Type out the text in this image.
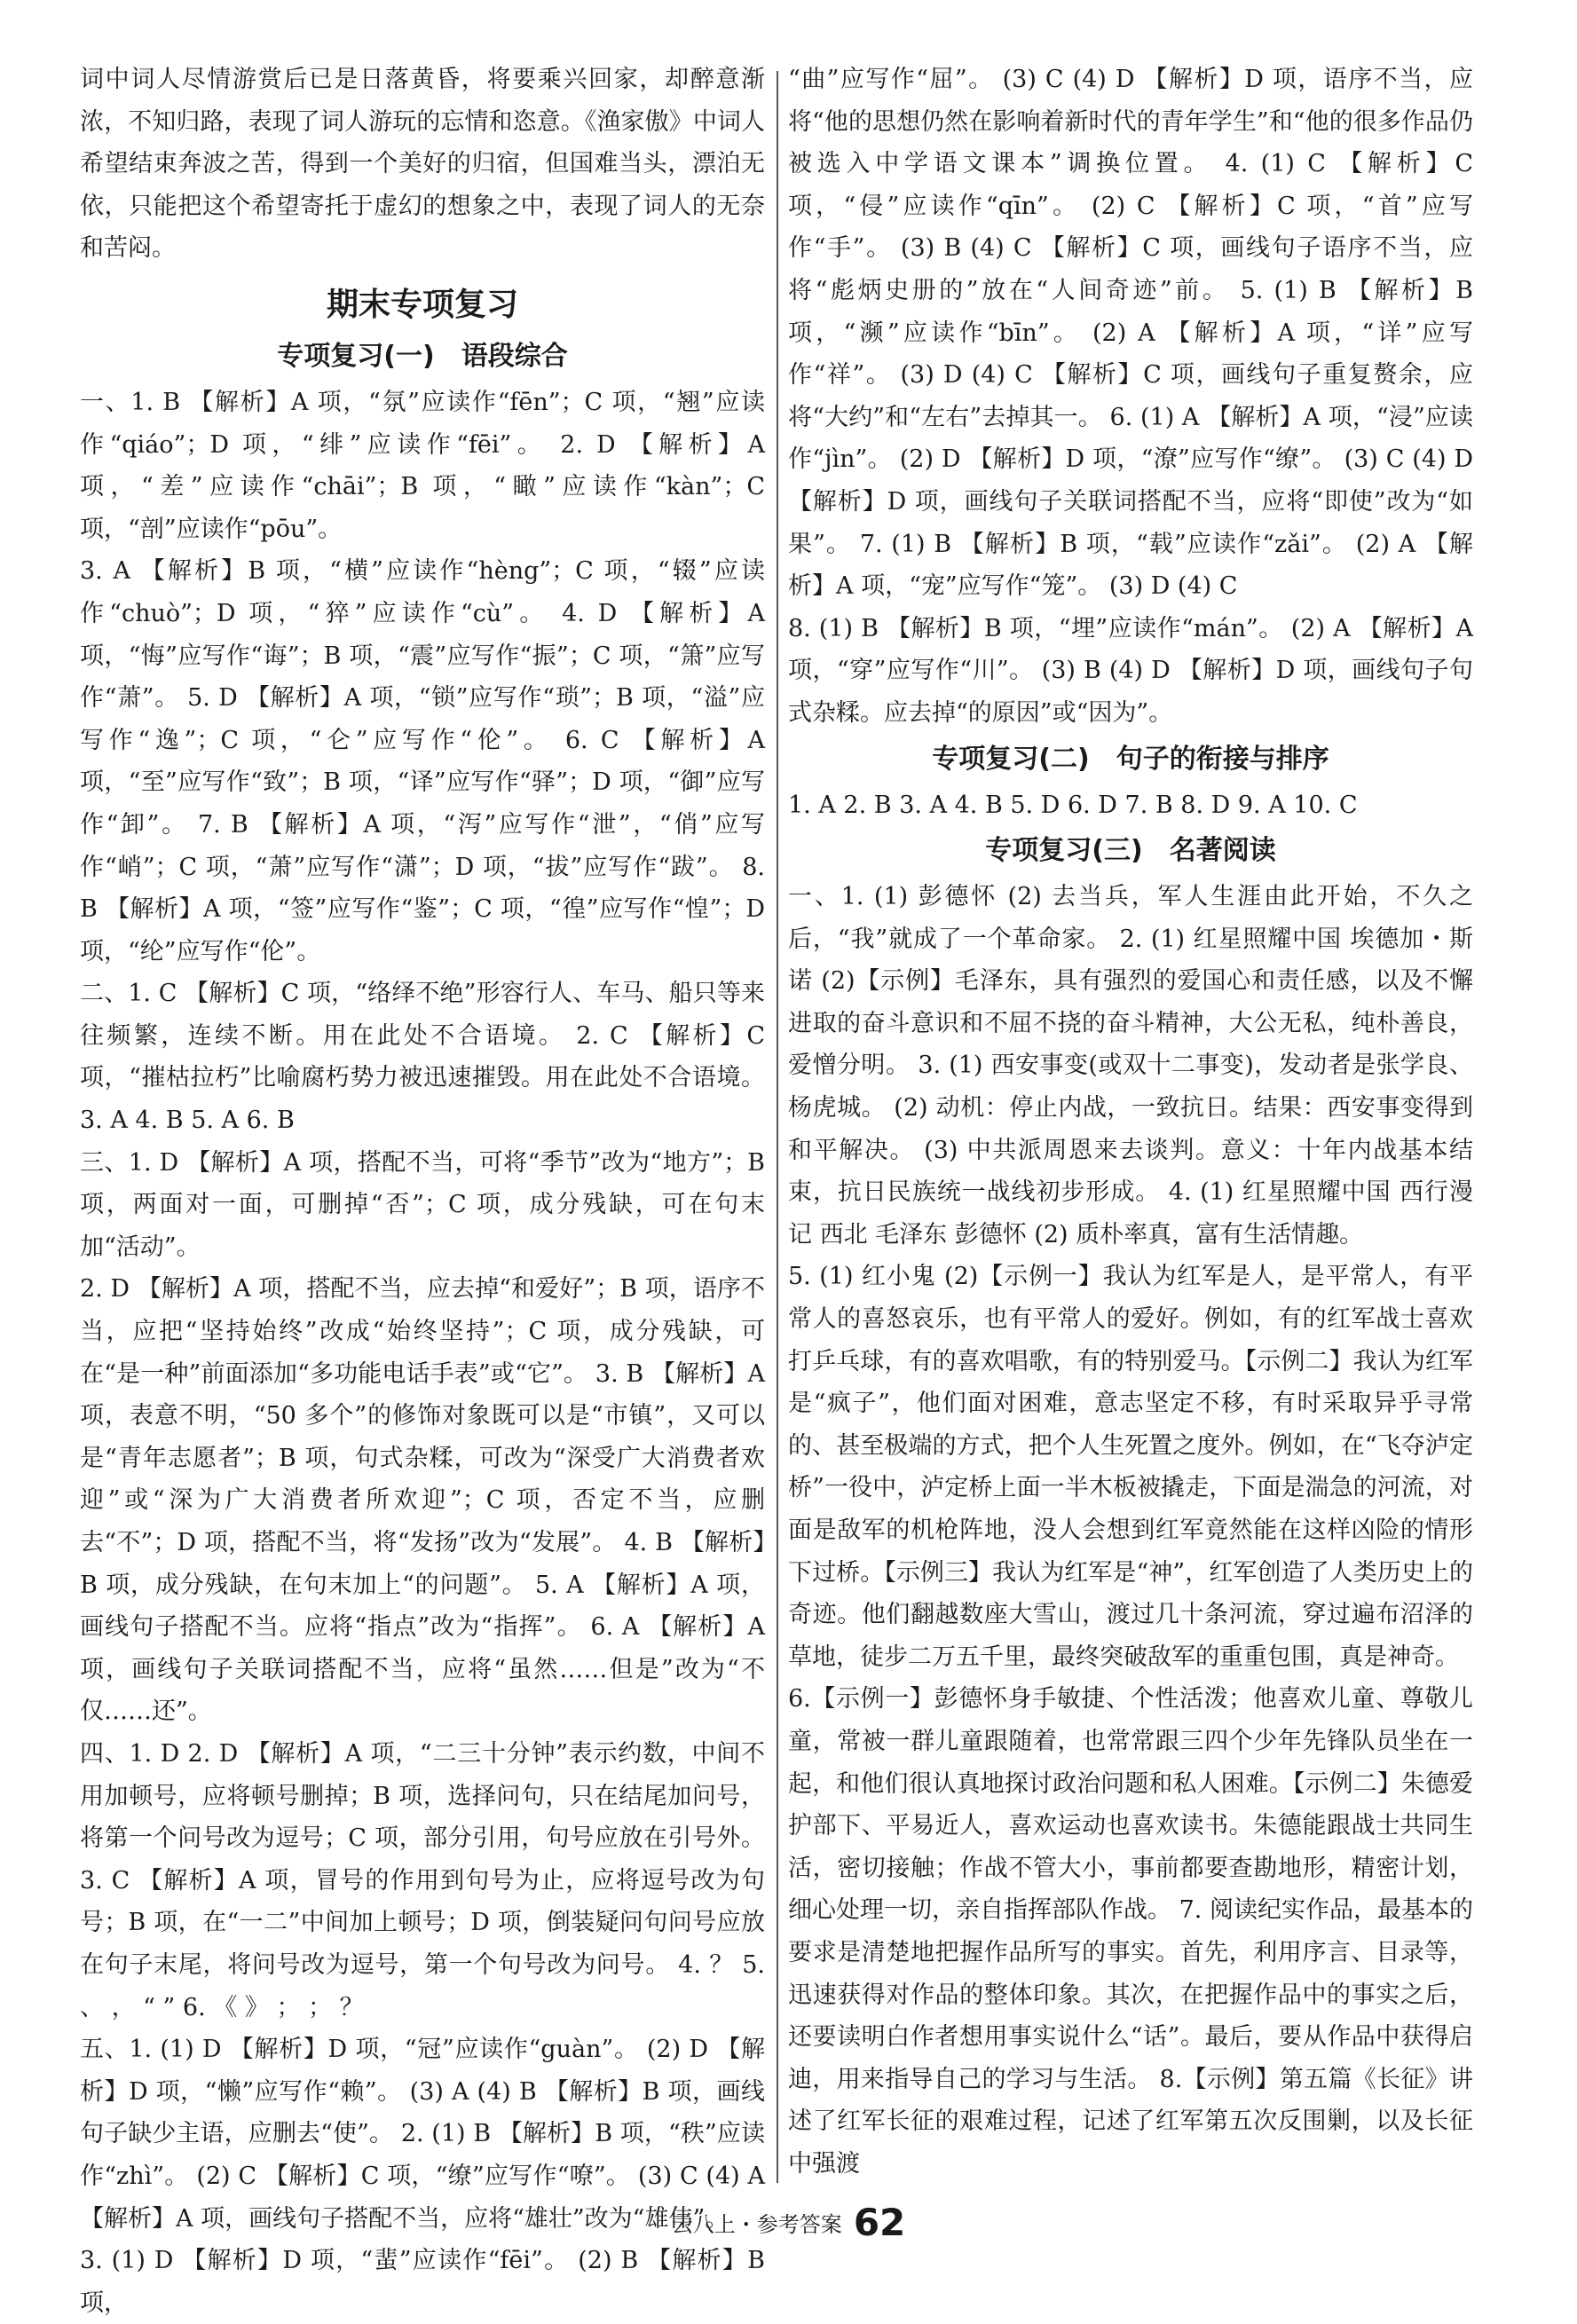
词中词人尽情游赏后已是日落黄昏，将要乘兴回家，却醉意渐浓，不知归路，表现了词人游玩的忘情和恣意。《渔家傲》中词人希望结束奔波之苦，得到一个美好的归宿，但国难当头，漂泊无依，只能把这个希望寄托于虚幻的想象之中，表现了词人的无奈和苦闷。

期末专项复习
专项复习(一)　语段综合

一、1. B 【解析】A 项，“氛”应读作“fēn”；C 项，“翘”应读作“qiáo”；D 项，“绯”应读作“fēi”。 2. D 【解析】A 项，“差”应读作“chāi”；B 项，“瞰”应读作“kàn”；C 项，“剖”应读作“pōu”。

3. A 【解析】B 项，“横”应读作“hèng”；C 项，“辍”应读作“chuò”；D 项，“猝”应读作“cù”。 4. D 【解析】A 项，“悔”应写作“诲”；B 项，“震”应写作“振”；C 项，“箫”应写作“萧”。 5. D 【解析】A 项，“锁”应写作“琐”；B 项，“溢”应写作“逸”；C 项，“仑”应写作“伦”。 6. C 【解析】A 项，“至”应写作“致”；B 项，“译”应写作“驿”；D 项，“御”应写作“卸”。 7. B 【解析】A 项，“泻”应写作“泄”，“俏”应写作“峭”；C 项，“萧”应写作“潇”；D 项，“拔”应写作“跋”。 8. B 【解析】A 项，“签”应写作“鉴”；C 项，“徨”应写作“惶”；D 项，“纶”应写作“伦”。

二、1. C 【解析】C 项，“络绎不绝”形容行人、车马、船只等来往频繁，连续不断。用在此处不合语境。 2. C 【解析】C 项，“摧枯拉朽”比喻腐朽势力被迅速摧毁。用在此处不合语境。 3. A 4. B 5. A 6. B

三、1. D 【解析】A 项，搭配不当，可将“季节”改为“地方”；B 项，两面对一面，可删掉“否”；C 项，成分残缺，可在句末加“活动”。

2. D 【解析】A 项，搭配不当，应去掉“和爱好”；B 项，语序不当，应把“坚持始终”改成“始终坚持”；C 项，成分残缺，可在“是一种”前面添加“多功能电话手表”或“它”。 3. B 【解析】A 项，表意不明，“50 多个”的修饰对象既可以是“市镇”，又可以是“青年志愿者”；B 项，句式杂糅，可改为“深受广大消费者欢迎”或“深为广大消费者所欢迎”；C 项，否定不当，应删去“不”；D 项，搭配不当，将“发扬”改为“发展”。 4. B 【解析】B 项，成分残缺，在句末加上“的问题”。 5. A 【解析】A 项，画线句子搭配不当。应将“指点”改为“指挥”。 6. A 【解析】A 项，画线句子关联词搭配不当，应将“虽然……但是”改为“不仅……还”。

四、1. D 2. D 【解析】A 项，“二三十分钟”表示约数，中间不用加顿号，应将顿号删掉；B 项，选择问句，只在结尾加问号，将第一个问号改为逗号；C 项，部分引用，句号应放在引号外。 3. C 【解析】A 项，冒号的作用到句号为止，应将逗号改为句号；B 项，在“一二”中间加上顿号；D 项，倒装疑问句问号应放在句子末尾，将问号改为逗号，第一个句号改为问号。 4. ？ 5. 、 ， “ ” 6. 《 》 ； ； ？

五、1. (1) D 【解析】D 项，“冠”应读作“guàn”。 (2) D 【解析】D 项，“懒”应写作“赖”。 (3) A (4) B 【解析】B 项，画线句子缺少主语，应删去“使”。 2. (1) B 【解析】B 项，“秩”应读作“zhì”。 (2) C 【解析】C 项，“缭”应写作“嘹”。 (3) C (4) A 【解析】A 项，画线句子搭配不当，应将“雄壮”改为“雄伟”。

3. (1) D 【解析】D 项，“蜚”应读作“fēi”。 (2) B 【解析】B 项，

“曲”应写作“屈”。 (3) C (4) D 【解析】D 项，语序不当，应将“他的思想仍然在影响着新时代的青年学生”和“他的很多作品仍被选入中学语文课本”调换位置。 4. (1) C 【解析】C 项，“侵”应读作“qīn”。 (2) C 【解析】C 项，“首”应写作“手”。 (3) B (4) C 【解析】C 项，画线句子语序不当，应将“彪炳史册的”放在“人间奇迹”前。 5. (1) B 【解析】B 项，“濒”应读作“bīn”。 (2) A 【解析】A 项，“详”应写作“祥”。 (3) D (4) C 【解析】C 项，画线句子重复赘余，应将“大约”和“左右”去掉其一。 6. (1) A 【解析】A 项，“浸”应读作“jìn”。 (2) D 【解析】D 项，“潦”应写作“缭”。 (3) C (4) D 【解析】D 项，画线句子关联词搭配不当，应将“即使”改为“如果”。 7. (1) B 【解析】B 项，“载”应读作“zǎi”。 (2) A 【解析】A 项，“宠”应写作“笼”。 (3) D (4) C

8. (1) B 【解析】B 项，“埋”应读作“mán”。 (2) A 【解析】A 项，“穿”应写作“川”。 (3) B (4) D 【解析】D 项，画线句子句式杂糅。应去掉“的原因”或“因为”。

专项复习(二)　句子的衔接与排序

1. A 2. B 3. A 4. B 5. D 6. D 7. B 8. D 9. A 10. C

专项复习(三)　名著阅读

一、1. (1) 彭德怀 (2) 去当兵，军人生涯由此开始，不久之后，“我”就成了一个革命家。 2. (1) 红星照耀中国 埃德加・斯诺 (2)【示例】毛泽东，具有强烈的爱国心和责任感，以及不懈进取的奋斗意识和不屈不挠的奋斗精神，大公无私，纯朴善良，爱憎分明。 3. (1) 西安事变(或双十二事变)，发动者是张学良、杨虎城。 (2) 动机：停止内战，一致抗日。结果：西安事变得到和平解决。 (3) 中共派周恩来去谈判。意义：十年内战基本结束，抗日民族统一战线初步形成。 4. (1) 红星照耀中国 西行漫记 西北 毛泽东 彭德怀 (2) 质朴率真，富有生活情趣。

5. (1) 红小鬼 (2)【示例一】我认为红军是人，是平常人，有平常人的喜怒哀乐，也有平常人的爱好。例如，有的红军战士喜欢打乒乓球，有的喜欢唱歌，有的特别爱马。【示例二】我认为红军是“疯子”，他们面对困难，意志坚定不移，有时采取异乎寻常的、甚至极端的方式，把个人生死置之度外。例如，在“飞夺泸定桥”一役中，泸定桥上面一半木板被撬走，下面是湍急的河流，对面是敌军的机枪阵地，没人会想到红军竟然能在这样凶险的情形下过桥。【示例三】我认为红军是“神”，红军创造了人类历史上的奇迹。他们翻越数座大雪山，渡过几十条河流，穿过遍布沼泽的草地，徒步二万五千里，最终突破敌军的重重包围，真是神奇。

6.【示例一】彭德怀身手敏捷、个性活泼；他喜欢儿童、尊敬儿童，常被一群儿童跟随着，也常常跟三四个少年先锋队员坐在一起，和他们很认真地探讨政治问题和私人困难。【示例二】朱德爱护部下、平易近人，喜欢运动也喜欢读书。朱德能跟战士共同生活，密切接触；作战不管大小，事前都要查勘地形，精密计划，细心处理一切，亲自指挥部队作战。 7. 阅读纪实作品，最基本的要求是清楚地把握作品所写的事实。首先，利用序言、目录等，迅速获得对作品的整体印象。其次，在把握作品中的事实之后，还要读明白作者想用事实说什么“话”。最后，要从作品中获得启迪，用来指导自己的学习与生活。 8.【示例】第五篇《长征》讲述了红军长征的艰难过程，记述了红军第五次反围剿，以及长征中强渡

云八上・参考答案 62
